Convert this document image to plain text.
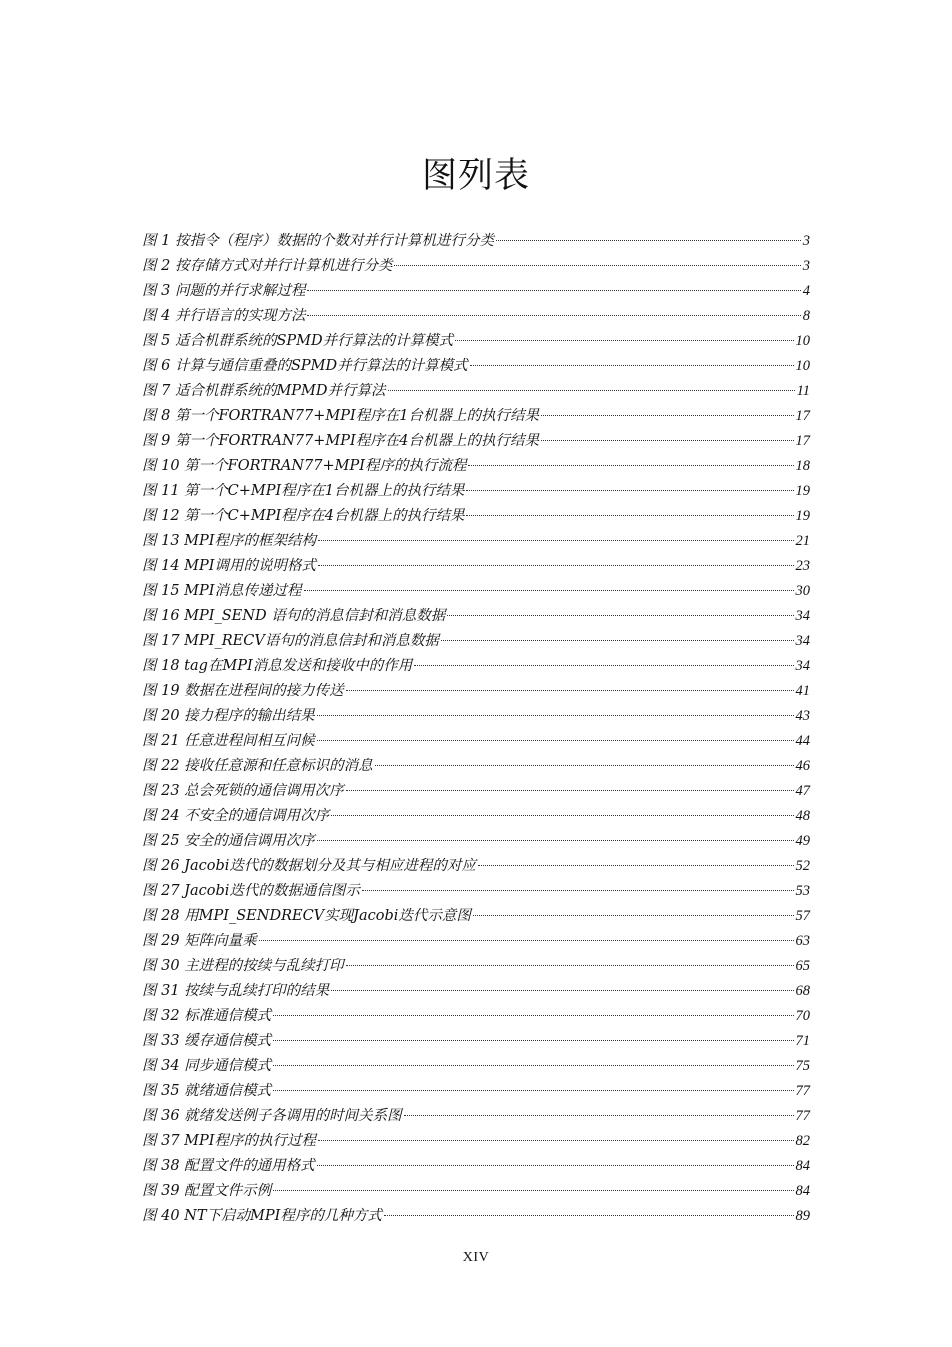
图列表
图 1 按指令（程序）数据的个数对并行计算机进行分类	3
图 2 按存储方式对并行计算机进行分类	3
图 3 问题的并行求解过程	4
图 4 并行语言的实现方法	8
图 5 适合机群系统的SPMD并行算法的计算模式	10
图 6 计算与通信重叠的SPMD并行算法的计算模式	10
图 7 适合机群系统的MPMD并行算法	11
图 8 第一个FORTRAN77+MPI程序在1台机器上的执行结果	17
图 9 第一个FORTRAN77+MPI程序在4台机器上的执行结果	17
图 10 第一个FORTRAN77+MPI程序的执行流程	18
图 11 第一个C+MPI程序在1台机器上的执行结果	19
图 12 第一个C+MPI程序在4台机器上的执行结果	19
图 13 MPI程序的框架结构	21
图 14 MPI调用的说明格式	23
图 15 MPI消息传递过程	30
图 16 MPI_SEND 语句的消息信封和消息数据	34
图 17 MPI_RECV语句的消息信封和消息数据	34
图 18 tag在MPI消息发送和接收中的作用	34
图 19 数据在进程间的接力传送	41
图 20 接力程序的输出结果	43
图 21 任意进程间相互问候	44
图 22 接收任意源和任意标识的消息	46
图 23 总会死锁的通信调用次序	47
图 24 不安全的通信调用次序	48
图 25 安全的通信调用次序	49
图 26 Jacobi迭代的数据划分及其与相应进程的对应	52
图 27 Jacobi迭代的数据通信图示	53
图 28 用MPI_SENDRECV实现Jacobi迭代示意图	57
图 29 矩阵向量乘	63
图 30 主进程的按续与乱续打印	65
图 31 按续与乱续打印的结果	68
图 32 标准通信模式	70
图 33 缓存通信模式	71
图 34 同步通信模式	75
图 35 就绪通信模式	77
图 36 就绪发送例子各调用的时间关系图	77
图 37 MPI程序的执行过程	82
图 38 配置文件的通用格式	84
图 39 配置文件示例	84
图 40 NT下启动MPI程序的几种方式	89
XIV
